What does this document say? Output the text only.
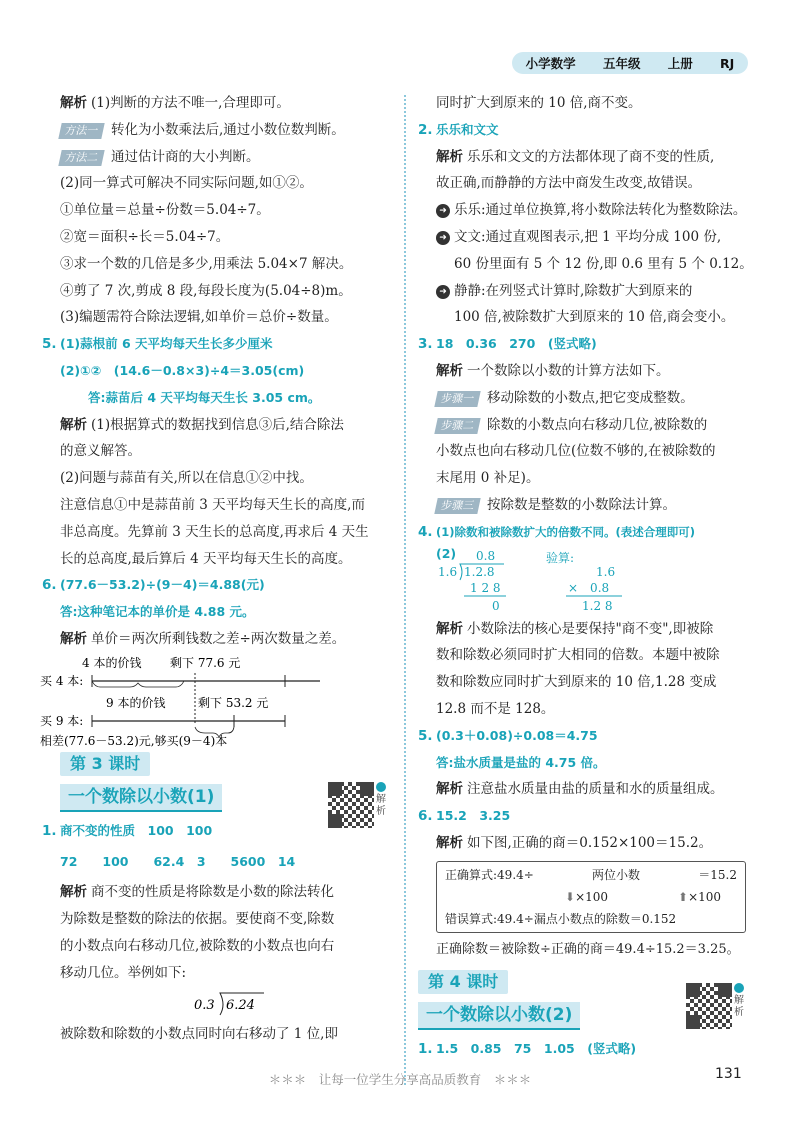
小学数学 五年级 上册 RJ
解析 (1)判断的方法不唯一,合理即可。
方法一 转化为小数乘法后,通过小数位数判断。
方法二 通过估计商的大小判断。
(2)同一算式可解决不同实际问题,如①②。
①单位量＝总量÷份数＝5.04÷7。
②宽＝面积÷长＝5.04÷7。
③求一个数的几倍是多少,用乘法 5.04×7 解决。
④剪了 7 次,剪成 8 段,每段长度为(5.04÷8)m。
(3)编题需符合除法逻辑,如单价＝总价÷数量。
5. (1)蒜根前 6 天平均每天生长多少厘米
(2)①②　(14.6－0.8×3)÷4＝3.05(cm)
答:蒜苗后 4 天平均每天生长 3.05 cm。
解析 (1)根据算式的数据找到信息③后,结合除法
的意义解答。
(2)问题与蒜苗有关,所以在信息①②中找。
注意信息①中是蒜苗前 3 天平均每天生长的高度,而
非总高度。先算前 3 天生长的总高度,再求后 4 天生
长的总高度,最后算后 4 天平均每天生长的高度。
6. (77.6－53.2)÷(9－4)＝4.88(元)
答:这种笔记本的单价是 4.88 元。
解析 单价＝两次所剩钱数之差÷两次数量之差。
4 本的价钱 剩下 77.6 元
买 4 本:
9 本的价钱	剩下 53.2 元
买 9 本:
相差(77.6－53.2)元,够买(9－4)本
第 3 课时
一个数除以小数(1)
1. 商不变的性质　100　100
72　　100　　62.4　3　　5600　14
解析 商不变的性质是将除数是小数的除法转化
为除数是整数的除法的依据。要使商不变,除数
的小数点向右移动几位,被除数的小数点也向右
移动几位。举例如下:
0.3 6.24
被除数和除数的小数点同时向右移动了 1 位,即
解析
同时扩大到原来的 10 倍,商不变。
2. 乐乐和文文
解析 乐乐和文文的方法都体现了商不变的性质,
故正确,而静静的方法中商发生改变,故错误。
➜ 乐乐:通过单位换算,将小数除法转化为整数除法。
➜ 文文:通过直观图表示,把 1 平均分成 100 份,
60 份里面有 5 个 12 份,即 0.6 里有 5 个 0.12。
➜ 静静:在列竖式计算时,除数扩大到原来的
100 倍,被除数扩大到原来的 10 倍,商会变小。
3. 18　0.36　270　(竖式略)
解析 一个数除以小数的计算方法如下。
步骤一 移动除数的小数点,把它变成整数。
步骤二 除数的小数点向右移动几位,被除数的
小数点也向右移动几位(位数不够的,在被除数的
末尾用 0 补足)。
步骤三 按除数是整数的小数除法计算。
4. (1)除数和被除数扩大的倍数不同。(表述合理即可)
(2) 0.8
1.6 1.2.8
1 2 8
0
验算:
1.6
×　0.8
1.2 8
解析 小数除法的核心是要保持"商不变",即被除
数和除数必须同时扩大相同的倍数。本题中被除
数和除数应同时扩大到原来的 10 倍,1.28 变成
12.8 而不是 128。
5. (0.3＋0.08)÷0.08＝4.75
答:盐水质量是盐的 4.75 倍。
解析 注意盐水质量由盐的质量和水的质量组成。
6. 15.2　3.25
解析 如下图,正确的商＝0.152×100＝15.2。
正确算式:49.4÷	两位小数	＝15.2
⬇×100	⬆×100
错误算式:49.4÷漏点小数点的除数＝0.152
正确除数＝被除数÷正确的商＝49.4÷15.2＝3.25。
第 4 课时
一个数除以小数(2)
1. 1.5　0.85　75　1.05　(竖式略)
解析
＊＊＊　让每一位学生分享高品质教育　＊＊＊	131
